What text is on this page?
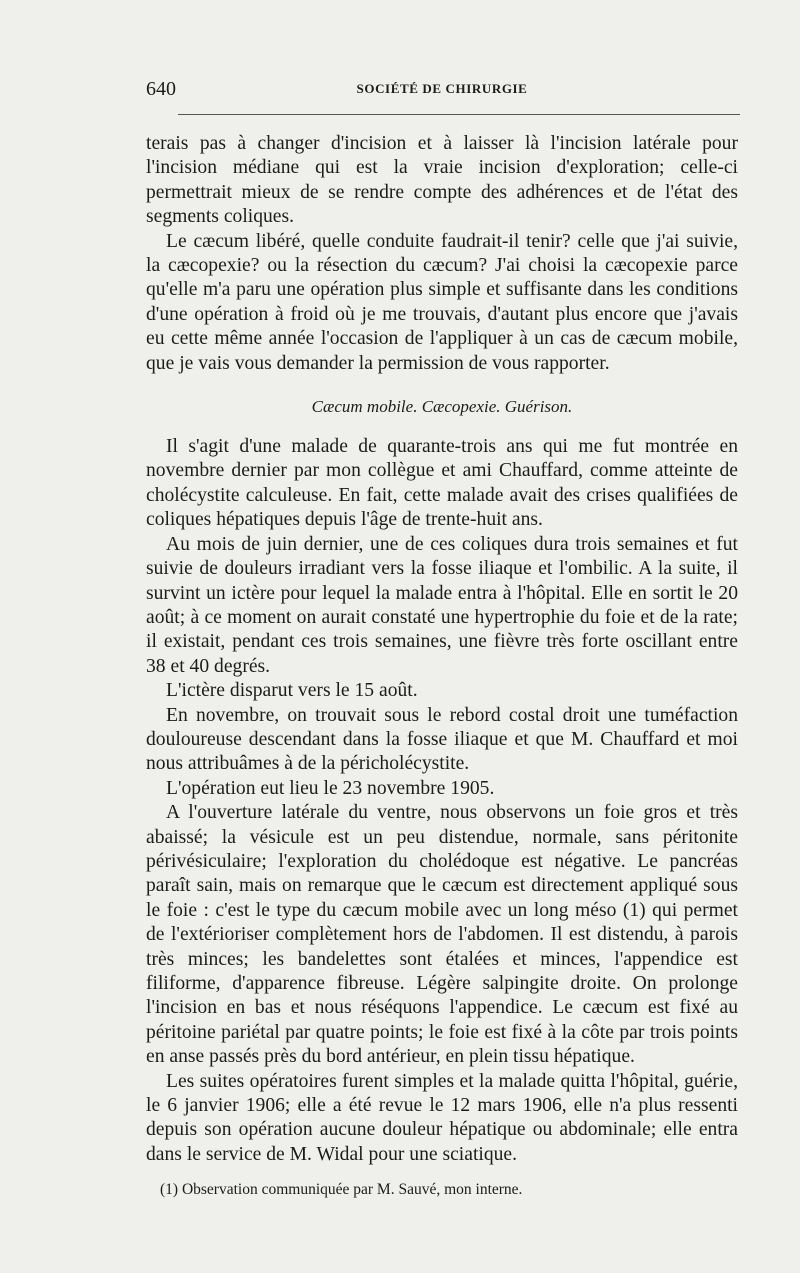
640	SOCIÉTÉ DE CHIRURGIE

terais pas à changer d'incision et à laisser là l'incision latérale pour l'incision médiane qui est la vraie incision d'exploration; celle-ci permettrait mieux de se rendre compte des adhérences et de l'état des segments coliques.

Le cæcum libéré, quelle conduite faudrait-il tenir? celle que j'ai suivie, la cæcopexie? ou la résection du cæcum? J'ai choisi la cæcopexie parce qu'elle m'a paru une opération plus simple et suffisante dans les conditions d'une opération à froid où je me trouvais, d'autant plus encore que j'avais eu cette même année l'occasion de l'appliquer à un cas de cæcum mobile, que je vais vous demander la permission de vous rapporter.

Cæcum mobile. Cæcopexie. Guérison.

Il s'agit d'une malade de quarante-trois ans qui me fut montrée en novembre dernier par mon collègue et ami Chauffard, comme atteinte de cholécystite calculeuse. En fait, cette malade avait des crises qualifiées de coliques hépatiques depuis l'âge de trente-huit ans.

Au mois de juin dernier, une de ces coliques dura trois semaines et fut suivie de douleurs irradiant vers la fosse iliaque et l'ombilic. A la suite, il survint un ictère pour lequel la malade entra à l'hôpital. Elle en sortit le 20 août; à ce moment on aurait constaté une hypertrophie du foie et de la rate; il existait, pendant ces trois semaines, une fièvre très forte oscillant entre 38 et 40 degrés.

L'ictère disparut vers le 15 août.

En novembre, on trouvait sous le rebord costal droit une tuméfaction douloureuse descendant dans la fosse iliaque et que M. Chauffard et moi nous attribuâmes à de la péricholécystite.

L'opération eut lieu le 23 novembre 1905.

A l'ouverture latérale du ventre, nous observons un foie gros et très abaissé; la vésicule est un peu distendue, normale, sans péritonite périvésiculaire; l'exploration du cholédoque est négative. Le pancréas paraît sain, mais on remarque que le cæcum est directement appliqué sous le foie : c'est le type du cæcum mobile avec un long méso (1) qui permet de l'extérioriser complètement hors de l'abdomen. Il est distendu, à parois très minces; les bandelettes sont étalées et minces, l'appendice est filiforme, d'apparence fibreuse. Légère salpingite droite. On prolonge l'incision en bas et nous réséquons l'appendice. Le cæcum est fixé au péritoine pariétal par quatre points; le foie est fixé à la côte par trois points en anse passés près du bord antérieur, en plein tissu hépatique.

Les suites opératoires furent simples et la malade quitta l'hôpital, guérie, le 6 janvier 1906; elle a été revue le 12 mars 1906, elle n'a plus ressenti depuis son opération aucune douleur hépatique ou abdominale; elle entra dans le service de M. Widal pour une sciatique.

(1) Observation communiquée par M. Sauvé, mon interne.
